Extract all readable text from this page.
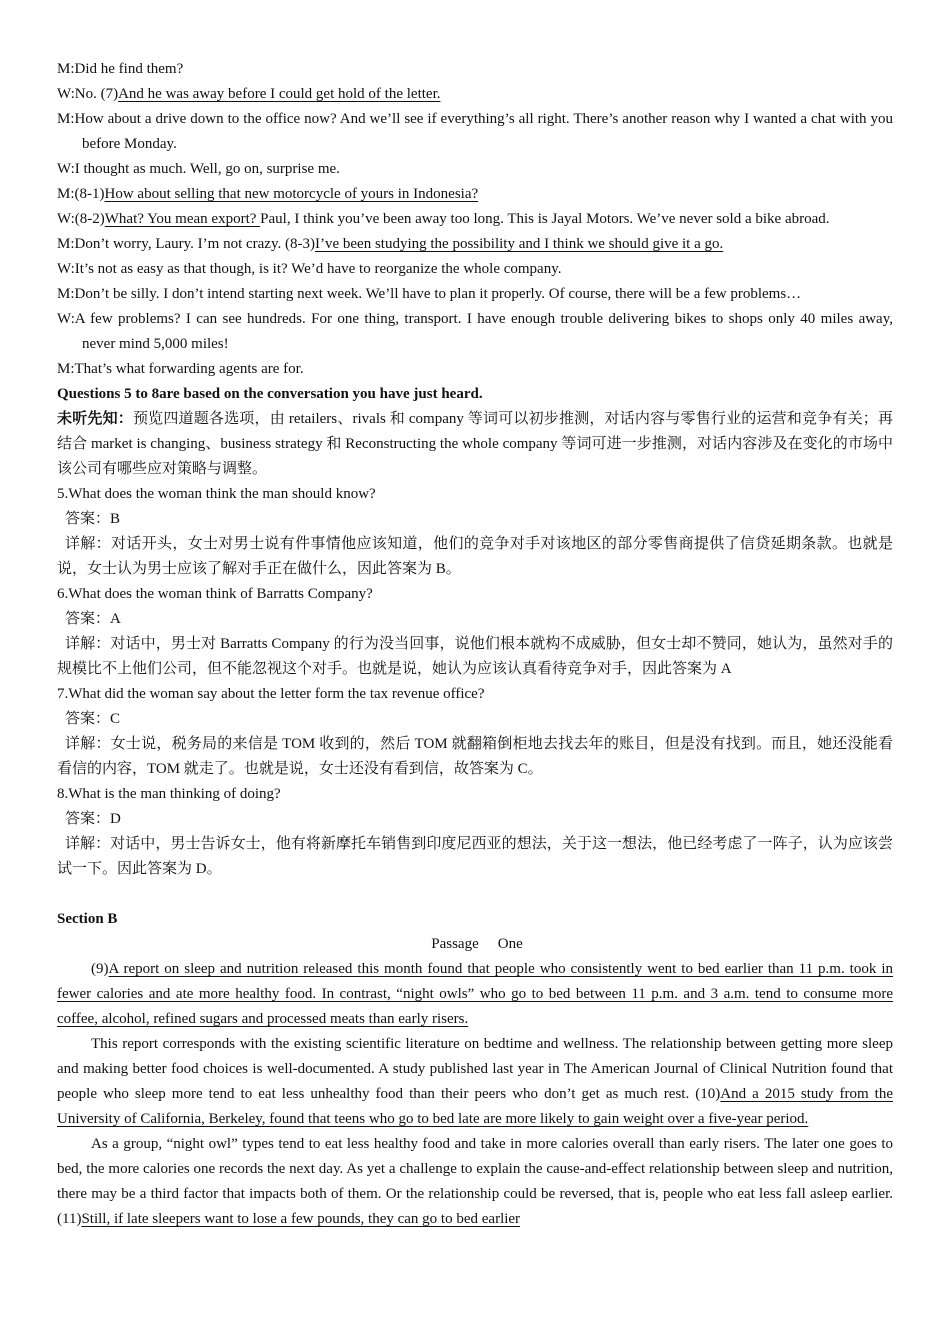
M:Did he find them?

W:No. (7)And he was away before I could get hold of the letter.

M:How about a drive down to the office now? And we’ll see if everything’s all right. There’s another reason why I wanted a chat with you before Monday.

W:I thought as much. Well, go on, surprise me.

M:(8-1)How about selling that new motorcycle of yours in Indonesia?

W:(8-2)What? You mean export? Paul, I think you’ve been away too long. This is Jayal Motors. We’ve never sold a bike abroad.

M:Don’t worry, Laury. I’m not crazy. (8-3)I’ve been studying the possibility and I think we should give it a go.

W:It’s not as easy as that though, is it? We’d have to reorganize the whole company.

M:Don’t be silly. I don’t intend starting next week. We’ll have to plan it properly. Of course, there will be a few problems…

W:A few problems? I can see hundreds. For one thing, transport. I have enough trouble delivering bikes to shops only 40 miles away, never mind 5,000 miles!

M:That’s what forwarding agents are for.

Questions 5 to 8are based on the conversation you have just heard.

未听先知：预览四道题各选项，由 retailers、rivals 和 company 等词可以初步推测，对话内容与零售行业的运营和竞争有关；再结合 market is changing、business strategy 和 Reconstructing the whole company 等词可进一步推测，对话内容涉及在变化的市场中该公司有哪些应对策略与调整。

5.What does the woman think the man should know?

答案：B

详解：对话开头，女士对男士说有件事情他应该知道，他们的竞争对手对该地区的部分零售商提供了信贷延期条款。也就是说，女士认为男士应该了解对手正在做什么，因此答案为 B。

6.What does the woman think of Barratts Company?

答案：A

详解：对话中，男士对 Barratts Company 的行为没当回事，说他们根本就构不成威胁，但女士却不赞同，她认为，虽然对手的规模比不上他们公司，但不能忽视这个对手。也就是说，她认为应该认真看待竞争对手，因此答案为 A

7.What did the woman say about the letter form the tax revenue office?

答案：C

详解：女士说，税务局的来信是 TOM 收到的，然后 TOM 就翻箱倒柜地去找去年的账目，但是没有找到。而且，她还没能看看信的内容，TOM 就走了。也就是说，女士还没有看到信，故答案为 C。

8.What is the man thinking of doing?

答案：D

详解：对话中，男士告诉女士，他有将新摩托车销售到印度尼西亚的想法，关于这一想法，他已经考虑了一阵子，认为应该尝试一下。因此答案为 D。

Section B

Passage One

(9)A report on sleep and nutrition released this month found that people who consistently went to bed earlier than 11 p.m. took in fewer calories and ate more healthy food. In contrast, “night owls” who go to bed between 11 p.m. and 3 a.m. tend to consume more coffee, alcohol, refined sugars and processed meats than early risers.

This report corresponds with the existing scientific literature on bedtime and wellness. The relationship between getting more sleep and making better food choices is well-documented. A study published last year in The American Journal of Clinical Nutrition found that people who sleep more tend to eat less unhealthy food than their peers who don’t get as much rest. (10)And a 2015 study from the University of California, Berkeley, found that teens who go to bed late are more likely to gain weight over a five-year period.

As a group, “night owl” types tend to eat less healthy food and take in more calories overall than early risers. The later one goes to bed, the more calories one records the next day. As yet a challenge to explain the cause-and-effect relationship between sleep and nutrition, there may be a third factor that impacts both of them. Or the relationship could be reversed, that is, people who eat less fall asleep earlier. (11)Still, if late sleepers want to lose a few pounds, they can go to bed earlier
